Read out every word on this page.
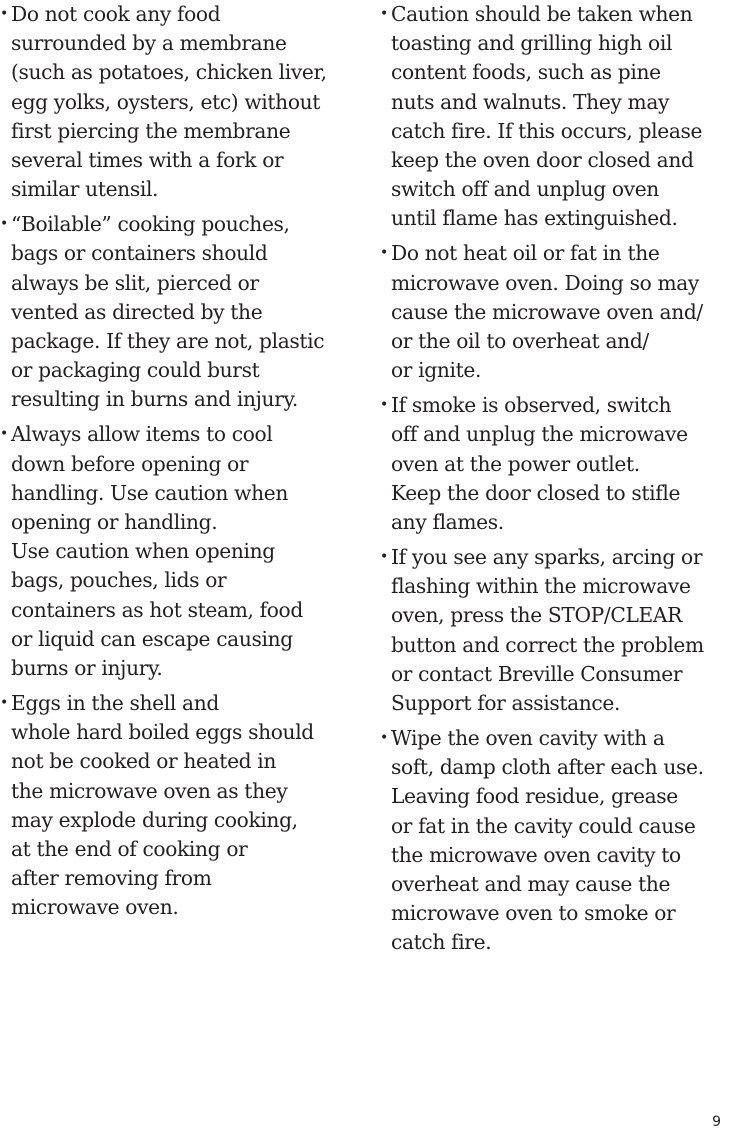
• Do not cook any food
surrounded by a membrane
(such as potatoes, chicken liver,
egg yolks, oysters, etc) without
first piercing the membrane
several times with a fork or
similar utensil.
• “Boilable” cooking pouches,
bags or containers should
always be slit, pierced or
vented as directed by the
package. If they are not, plastic
or packaging could burst
resulting in burns and injury.
• Always allow items to cool
down before opening or
handling. Use caution when
opening or handling.
Use caution when opening
bags, pouches, lids or
containers as hot steam, food
or liquid can escape causing
burns or injury.
• Eggs in the shell and
whole hard boiled eggs should
not be cooked or heated in
the microwave oven as they
may explode during cooking,
at the end of cooking or
after removing from
microwave oven.
• Caution should be taken when
toasting and grilling high oil
content foods, such as pine
nuts and walnuts. They may
catch fire. If this occurs, please
keep the oven door closed and
switch off and unplug oven
until flame has extinguished.
• Do not heat oil or fat in the
microwave oven. Doing so may
cause the microwave oven and/
or the oil to overheat and/
or ignite.
• If smoke is observed, switch
off and unplug the microwave
oven at the power outlet.
Keep the door closed to stifle
any flames.
• If you see any sparks, arcing or
flashing within the microwave
oven, press the STOP/CLEAR
button and correct the problem
or contact Breville Consumer
Support for assistance.
• Wipe the oven cavity with a
soft, damp cloth after each use.
Leaving food residue, grease
or fat in the cavity could cause
the microwave oven cavity to
overheat and may cause the
microwave oven to smoke or
catch fire.
9
